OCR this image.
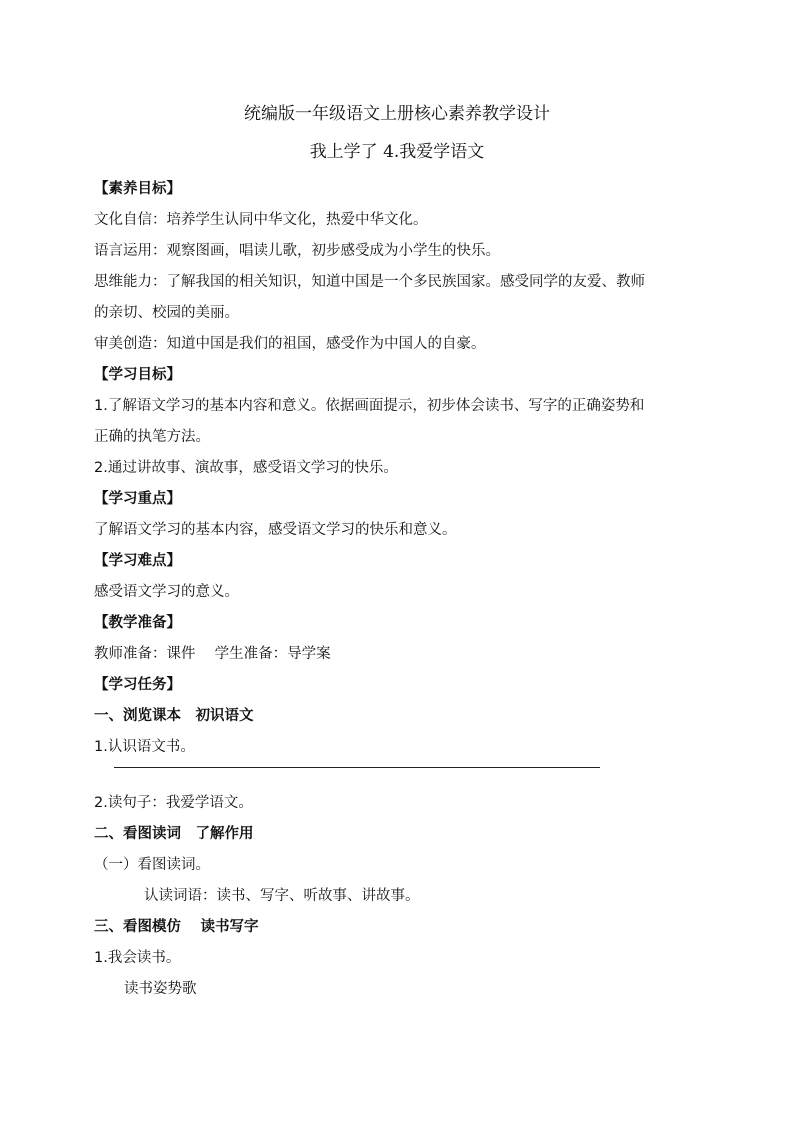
统编版一年级语文上册核心素养教学设计

我上学了 4.我爱学语文

【素养目标】

文化自信：培养学生认同中华文化，热爱中华文化。

语言运用：观察图画，唱读儿歌，初步感受成为小学生的快乐。

思维能力：了解我国的相关知识，知道中国是一个多民族国家。感受同学的友爱、教师

的亲切、校园的美丽。

审美创造：知道中国是我们的祖国，感受作为中国人的自豪。

【学习目标】

1.了解语文学习的基本内容和意义。依据画面提示，初步体会读书、写字的正确姿势和

正确的执笔方法。

2.通过讲故事、演故事，感受语文学习的快乐。

【学习重点】

了解语文学习的基本内容，感受语文学习的快乐和意义。

【学习难点】

感受语文学习的意义。

【教学准备】

教师准备：课件　 学生准备：导学案

【学习任务】

一、浏览课本　初识语文

1.认识语文书。

2.读句子：我爱学语文。

二、看图读词　了解作用

（一）看图读词。

认读词语：读书、写字、听故事、讲故事。

三、看图模仿　 读书写字

1.我会读书。

读书姿势歌
